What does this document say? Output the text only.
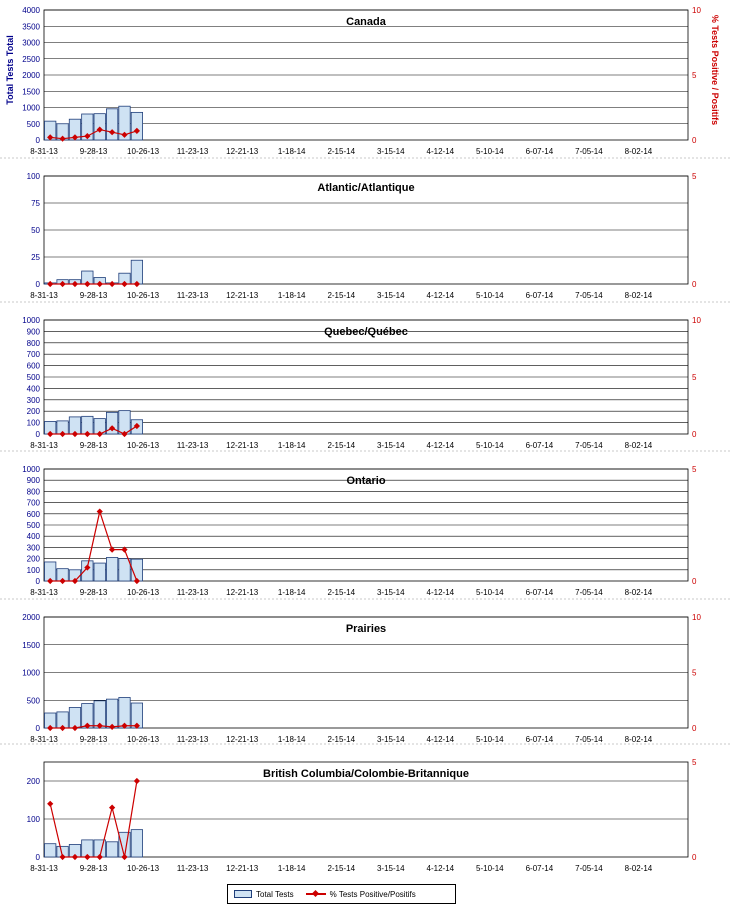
0
500
1000
1500
2000
2500
3000
3500
4000
0
5
10
8-31-13	9-28-13 10-26-13 11-23-13 12-21-13 1-18-14	2-15-14	3-15-14	4-12-14	5-10-14	6-07-14	7-05-14	8-02-14
Canada
Total Tests Total	% Tests Positive / Positifs
0
25
50
75
100
0
5
8-31-13	9-28-13 10-26-13 11-23-13 12-21-13 1-18-14	2-15-14	3-15-14	4-12-14	5-10-14	6-07-14	7-05-14	8-02-14
Atlantic/Atlantique
0
100
200
300
400
500
600
700
800
900
1000
0
5
10
8-31-13	9-28-13 10-26-13 11-23-13 12-21-13 1-18-14	2-15-14	3-15-14	4-12-14	5-10-14	6-07-14	7-05-14	8-02-14
Quebec/Québec
0
100
200
300
400
500
600
700
800
900
1000
0
5
8-31-13	9-28-13 10-26-13 11-23-13 12-21-13 1-18-14	2-15-14	3-15-14	4-12-14	5-10-14	6-07-14	7-05-14	8-02-14
Ontario
0
500
1000
1500
2000
0
5
10
8-31-13	9-28-13 10-26-13 11-23-13 12-21-13 1-18-14	2-15-14	3-15-14	4-12-14	5-10-14	6-07-14	7-05-14	8-02-14
Prairies
0
100
200
0
5
8-31-13	9-28-13 10-26-13 11-23-13 12-21-13 1-18-14	2-15-14	3-15-14	4-12-14	5-10-14	6-07-14	7-05-14	8-02-14
British Columbia/Colombie-Britannique
Total Tests	% Tests Positive/Positifs
